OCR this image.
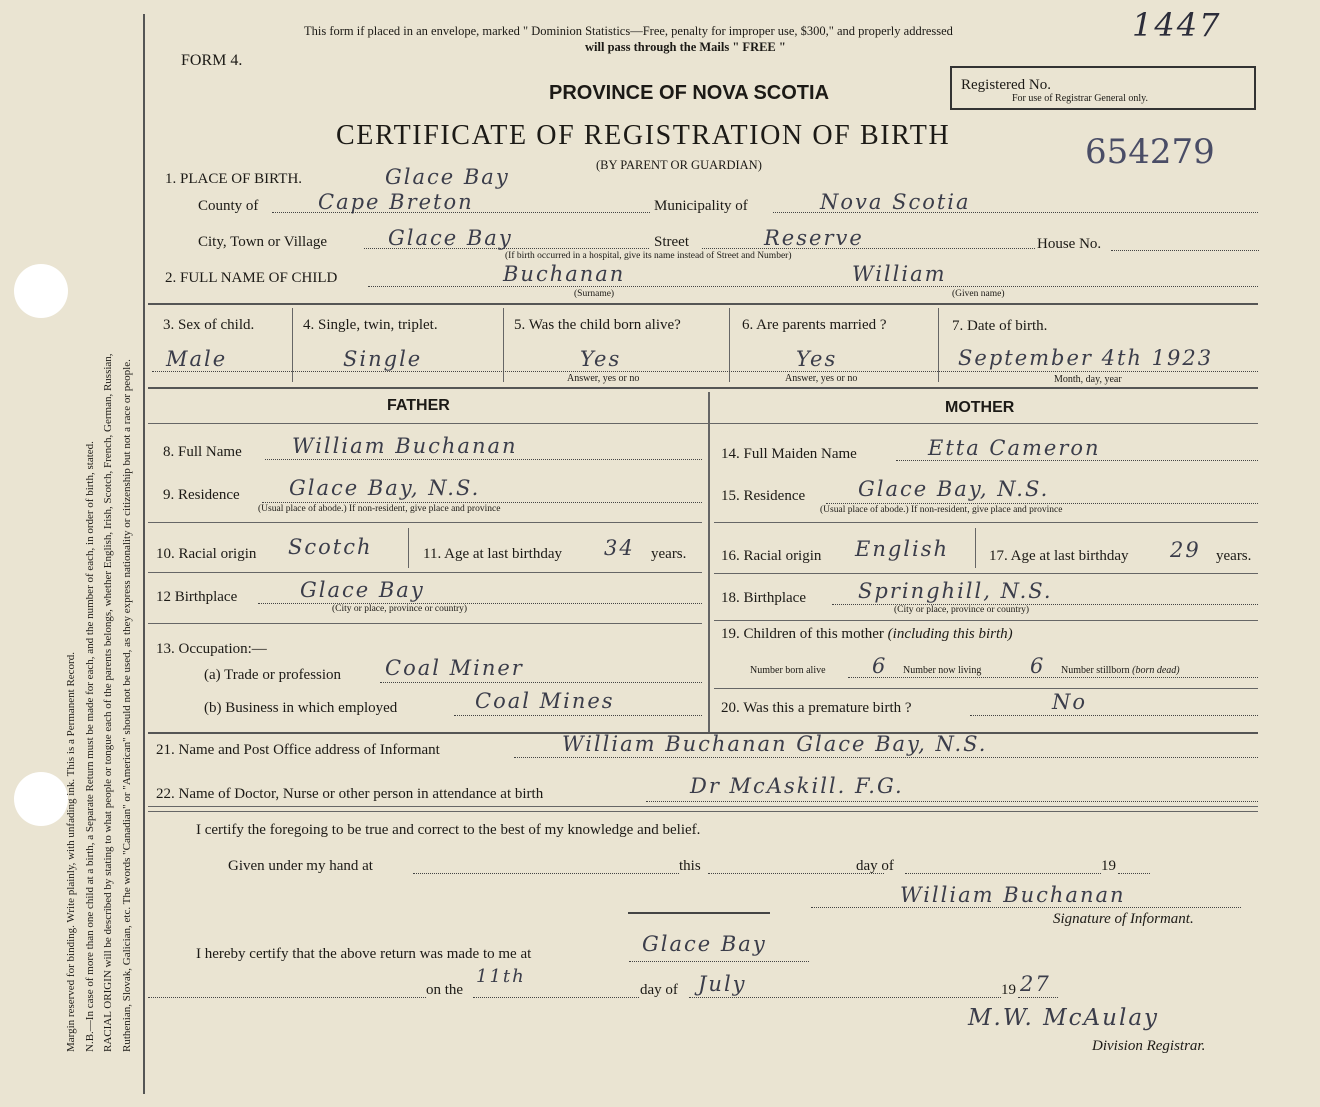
Margin reserved for binding. Write plainly, with unfading ink. This is a Permanent Record. N.B.—In case of more than one child at a birth, a Separate Return must be made for each, and the number of each, in order of birth, stated. RACIAL ORIGIN will be described by stating to what people or tongue each of the parents belongs, whether English, Irish, Scotch, French, German, Russian, Ruthenian, Slovak, Galician, etc. The words "Canadian" or "American" should not be used, as they express nationality or citizenship but not a race or people.
This form if placed in an envelope, marked " Dominion Statistics—Free, penalty for improper use, $300," and properly addressed
will pass through the Mails " FREE "
FORM 4.
PROVINCE OF NOVA SCOTIA
CERTIFICATE OF REGISTRATION OF BIRTH
(BY PARENT OR GUARDIAN)
1447
Registered No.
For use of Registrar General only.
654279
1. PLACE OF BIRTH.	Glace Bay
County of	Cape Breton	Municipality of	Nova Scotia
City, Town or Village	Glace Bay	Street	Reserve	House No.
(If birth occurred in a hospital, give its name instead of Street and Number)
2. FULL NAME OF CHILD	Buchanan
(Surname)
William
(Given name)
3. Sex of child.
Male
4. Single, twin, triplet.
Single
5. Was the child born alive?
Yes
Answer, yes or no
6. Are parents married ?
Yes
Answer, yes or no
7. Date of birth.
September 4th 1923
Month, day, year
FATHER	MOTHER
8. Full Name William Buchanan
9. Residence Glace Bay, N.S.
(Usual place of abode.) If non-resident, give place and province
10. Racial origin Scotch	11. Age at last birthday 34 years.
12 Birthplace	Glace Bay
(City or place, province or country)
13. Occupation:—
(a) Trade or profession Coal Miner
(b) Business in which employed	Coal Mines
14. Full Maiden Name	Etta Cameron
15. Residence	Glace Bay, N.S.
(Usual place of abode.) If non-resident, give place and province
16. Racial origin English	17. Age at last birthday 29 years.
18. Birthplace Springhill, N.S.
(City or place, province or country)
19. Children of this mother (including this birth)
Number born alive 6 Number now living 6 Number stillborn (born dead)
20. Was this a premature birth ?	No
21. Name and Post Office address of Informant	William Buchanan Glace Bay, N.S.
22. Name of Doctor, Nurse or other person in attendance at birth	Dr McAskill. F.G.
I certify the foregoing to be true and correct to the best of my knowledge and belief.
Given under my hand at	this	day of	19
William Buchanan
Signature of Informant.
I hereby certify that the above return was made to me at	Glace Bay
on the
11th
day of July	19 27
M.W. McAulay
Division Registrar.
